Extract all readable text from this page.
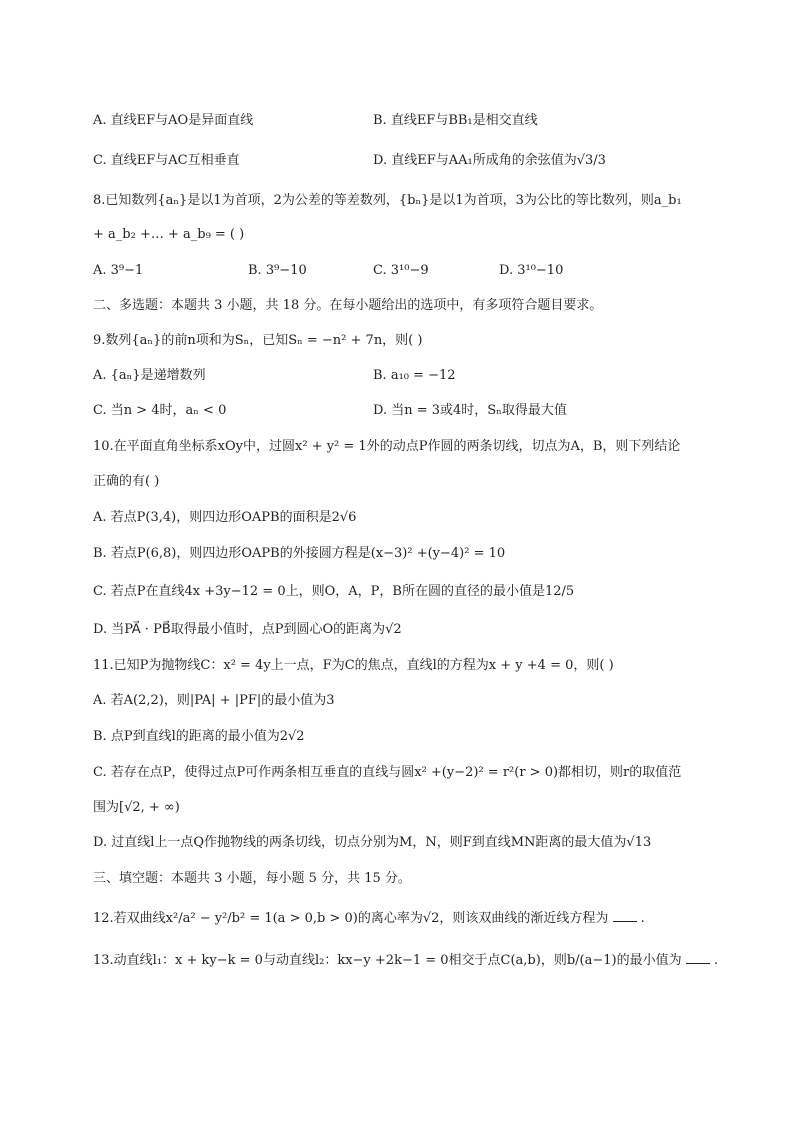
A. 直线EF与AO是异面直线	B. 直线EF与BB₁是相交直线
C. 直线EF与AC互相垂直	D. 直线EF与AA₁所成角的余弦值为√3/3
8.已知数列{aₙ}是以1为首项，2为公差的等差数列，{bₙ}是以1为首项，3为公比的等比数列，则a_b₁
+ a_b₂ +… + a_b₉ = ( )
A. 3⁹−1	B. 3⁹−10	C. 3¹⁰−9	D. 3¹⁰−10
二、多选题：本题共 3 小题，共 18 分。在每小题给出的选项中，有多项符合题目要求。
9.数列{aₙ}的前n项和为Sₙ，已知Sₙ = −n² + 7n，则( )
A. {aₙ}是递增数列	B. a₁₀ = −12
C. 当n > 4时，aₙ < 0	D. 当n = 3或4时，Sₙ取得最大值
10.在平面直角坐标系xOy中，过圆x² + y² = 1外的动点P作圆的两条切线，切点为A，B，则下列结论
正确的有( )
A. 若点P(3,4)，则四边形OAPB的面积是2√6
B. 若点P(6,8)，则四边形OAPB的外接圆方程是(x−3)² +(y−4)² = 10
C. 若点P在直线4x +3y−12 = 0上，则O，A，P，B所在圆的直径的最小值是12/5
D. 当PA⃗ · PB⃗取得最小值时，点P到圆心O的距离为√2
11.已知P为抛物线C：x² = 4y上一点，F为C的焦点，直线l的方程为x + y +4 = 0，则( )
A. 若A(2,2)，则|PA| + |PF|的最小值为3
B. 点P到直线l的距离的最小值为2√2
C. 若存在点P，使得过点P可作两条相互垂直的直线与圆x² +(y−2)² = r²(r > 0)都相切，则r的取值范
围为[√2, + ∞)
D. 过直线l上一点Q作抛物线的两条切线，切点分别为M，N，则F到直线MN距离的最大值为√13
三、填空题：本题共 3 小题，每小题 5 分，共 15 分。
12.若双曲线x²/a² − y²/b² = 1(a > 0,b > 0)的离心率为√2，则该双曲线的渐近线方程为 .
13.动直线l₁：x + ky−k = 0与动直线l₂：kx−y +2k−1 = 0相交于点C(a,b)，则b/(a−1)的最小值为 .
